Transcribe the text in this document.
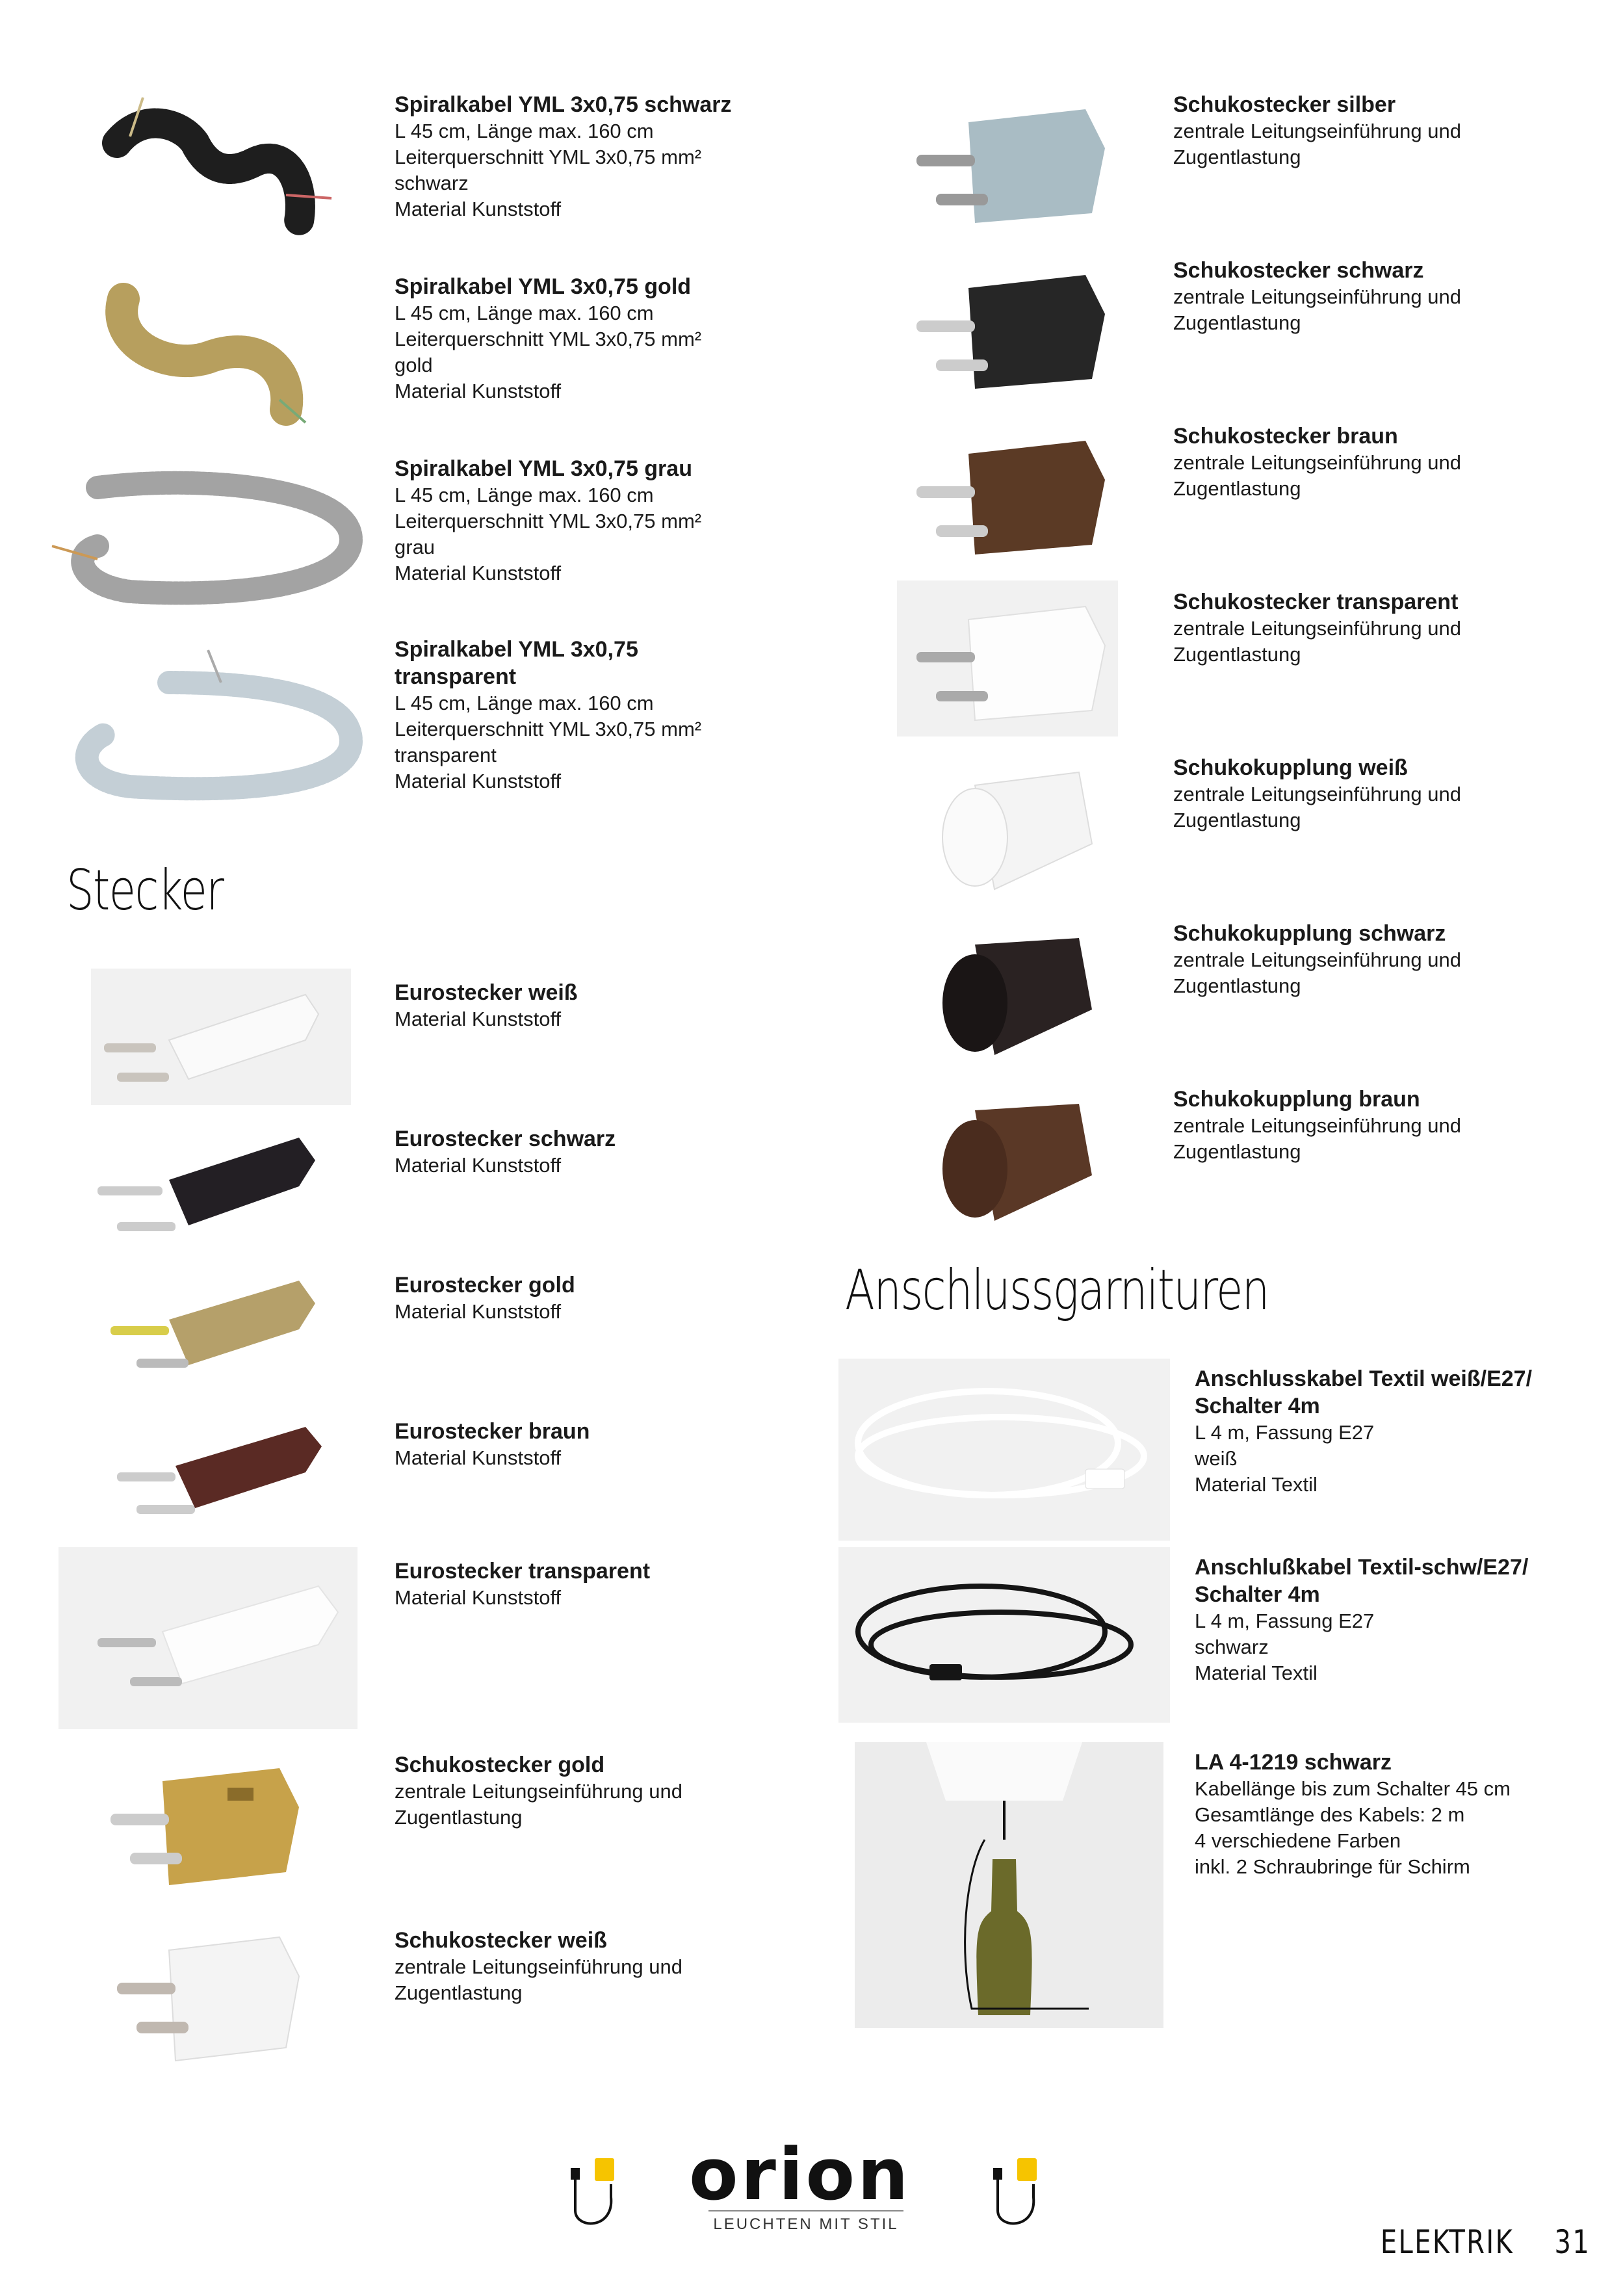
Spiralkabel YML 3x0,75 schwarz
L 45 cm, Länge max. 160 cm
Leiterquerschnitt YML 3x0,75 mm²
schwarz
Material Kunststoff
Spiralkabel YML 3x0,75 gold
L 45 cm, Länge max. 160 cm
Leiterquerschnitt YML 3x0,75 mm²
gold
Material Kunststoff
Spiralkabel YML 3x0,75 grau
L 45 cm, Länge max. 160 cm
Leiterquerschnitt YML 3x0,75 mm²
grau
Material Kunststoff
Spiralkabel YML 3x0,75 transparent
L 45 cm, Länge max. 160 cm
Leiterquerschnitt YML 3x0,75 mm²
transparent
Material Kunststoff
Stecker
Eurostecker weiß
Material Kunststoff
Eurostecker schwarz
Material Kunststoff
Eurostecker gold
Material Kunststoff
Eurostecker braun
Material Kunststoff
Eurostecker transparent
Material Kunststoff
Schukostecker gold
zentrale Leitungseinführung und
Zugentlastung
Schukostecker weiß
zentrale Leitungseinführung und
Zugentlastung
Schukostecker silber
zentrale Leitungseinführung und
Zugentlastung
Schukostecker schwarz
zentrale Leitungseinführung und
Zugentlastung
Schukostecker braun
zentrale Leitungseinführung und
Zugentlastung
Schukostecker transparent
zentrale Leitungseinführung und
Zugentlastung
Schukokupplung weiß
zentrale Leitungseinführung und
Zugentlastung
Schukokupplung schwarz
zentrale Leitungseinführung und
Zugentlastung
Schukokupplung braun
zentrale Leitungseinführung und
Zugentlastung
Anschlussgarnituren
Anschlusskabel Textil weiß/E27/ Schalter 4m
L 4 m, Fassung E27
weiß
Material Textil
Anschlußkabel Textil-schw/E27/ Schalter 4m
L 4 m, Fassung E27
schwarz
Material Textil
LA 4-1219 schwarz
Kabellänge bis zum Schalter 45 cm
Gesamtlänge des Kabels: 2 m
4 verschiedene Farben
inkl. 2 Schraubringe für Schirm
orion
LEUCHTEN MIT STIL	ELEKTRIK 31
